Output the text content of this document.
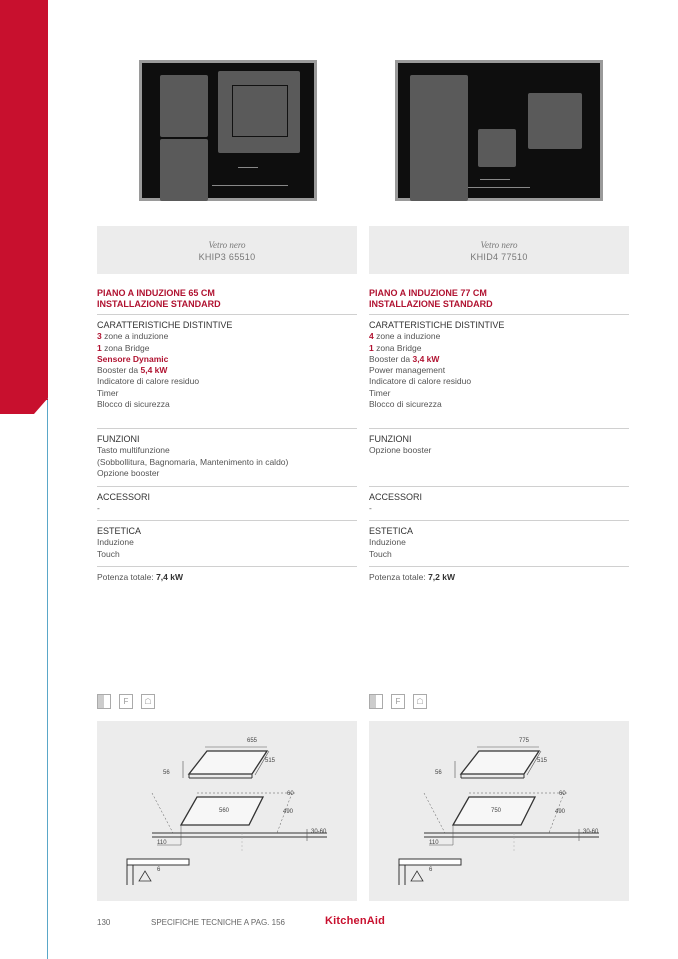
Vetro nero
KHIP3 65510
PIANO A INDUZIONE 65 CM
INSTALLAZIONE STANDARD
CARATTERISTICHE DISTINTIVE
3 zone a induzione
1 zona Bridge
Sensore Dynamic
Booster da 5,4 kW
Indicatore di calore residuo
Timer
Blocco di sicurezza
FUNZIONI
Tasto multifunzione
(Sobbollitura, Bagnomaria, Mantenimento in caldo)
Opzione booster
ACCESSORI
-
ESTETICA
Induzione
Touch
Potenza totale: 7,4 kW
F ☖
655
515
56
560	490
60
110
30-60
6
Vetro nero
KHID4 77510
PIANO A INDUZIONE 77 CM
INSTALLAZIONE STANDARD
CARATTERISTICHE DISTINTIVE
4 zone a induzione
1 zona Bridge
Booster da 3,4 kW
Power management
Indicatore di calore residuo
Timer
Blocco di sicurezza
FUNZIONI
Opzione booster
ACCESSORI
-
ESTETICA
Induzione
Touch
Potenza totale: 7,2 kW
F ☖
775
515
56
750	490
60
110
30-60
6
130	SPECIFICHE TECNICHE A PAG. 156	KitchenAid
